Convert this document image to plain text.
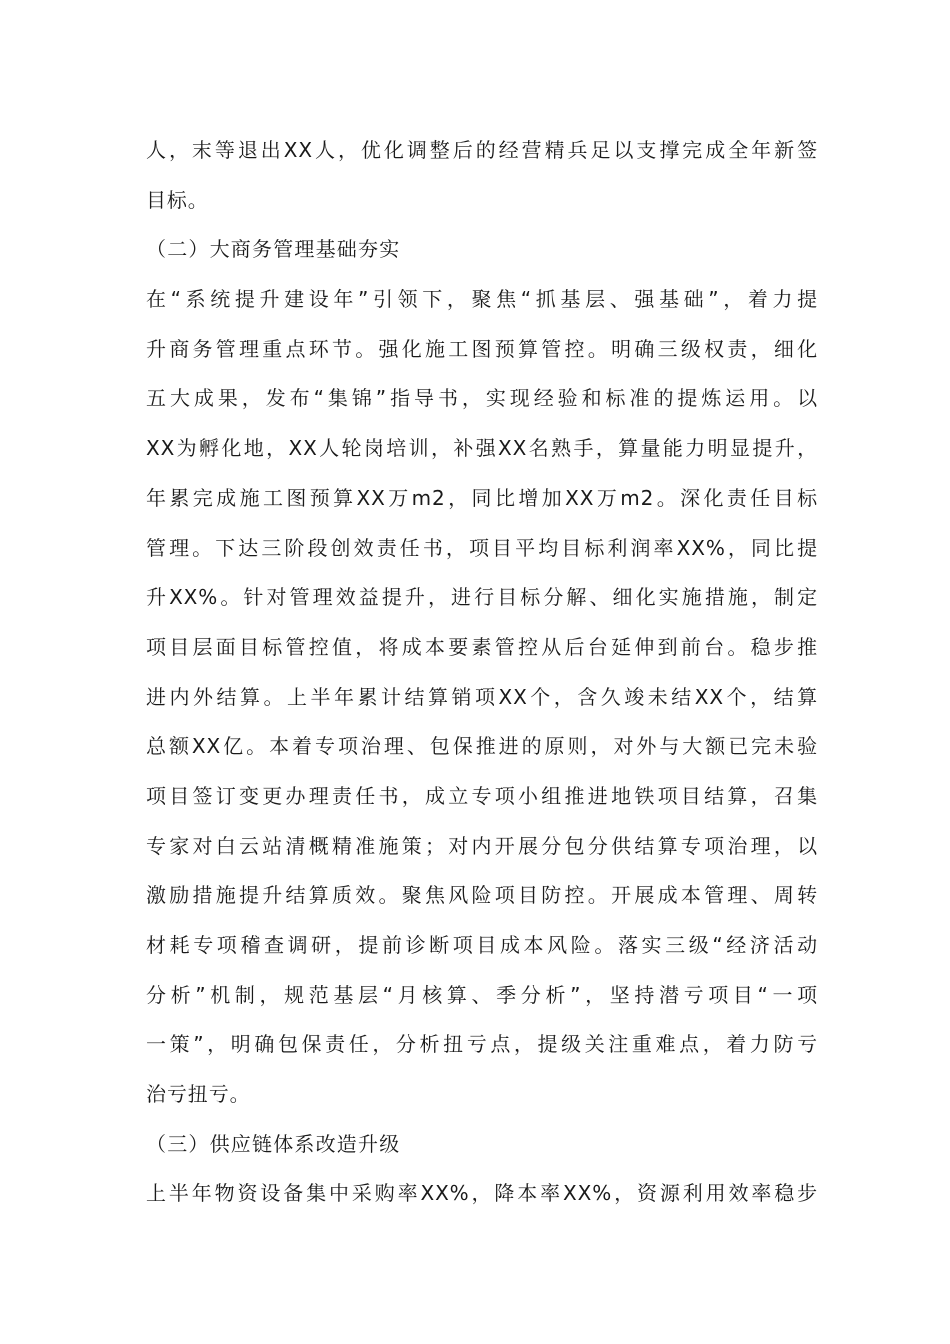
人，末等退出XX人，优化调整后的经营精兵足以支撑完成全年新签
目标。
（二）大商务管理基础夯实
在“系统提升建设年”引领下，聚焦“抓基层、强基础”，着力提
升商务管理重点环节。强化施工图预算管控。明确三级权责，细化
五大成果，发布“集锦”指导书，实现经验和标准的提炼运用。以
XX为孵化地，XX人轮岗培训，补强XX名熟手，算量能力明显提升，
年累完成施工图预算XX万m2，同比增加XX万m2。深化责任目标
管理。下达三阶段创效责任书，项目平均目标利润率XX%，同比提
升XX%。针对管理效益提升，进行目标分解、细化实施措施，制定
项目层面目标管控值，将成本要素管控从后台延伸到前台。稳步推
进内外结算。上半年累计结算销项XX个，含久竣未结XX个，结算
总额XX亿。本着专项治理、包保推进的原则，对外与大额已完未验
项目签订变更办理责任书，成立专项小组推进地铁项目结算，召集
专家对白云站清概精准施策；对内开展分包分供结算专项治理，以
激励措施提升结算质效。聚焦风险项目防控。开展成本管理、周转
材耗专项稽查调研，提前诊断项目成本风险。落实三级“经济活动
分析”机制，规范基层“月核算、季分析”，坚持潜亏项目“一项
一策”，明确包保责任，分析扭亏点，提级关注重难点，着力防亏
治亏扭亏。
（三）供应链体系改造升级
上半年物资设备集中采购率XX%，降本率XX%，资源利用效率稳步
